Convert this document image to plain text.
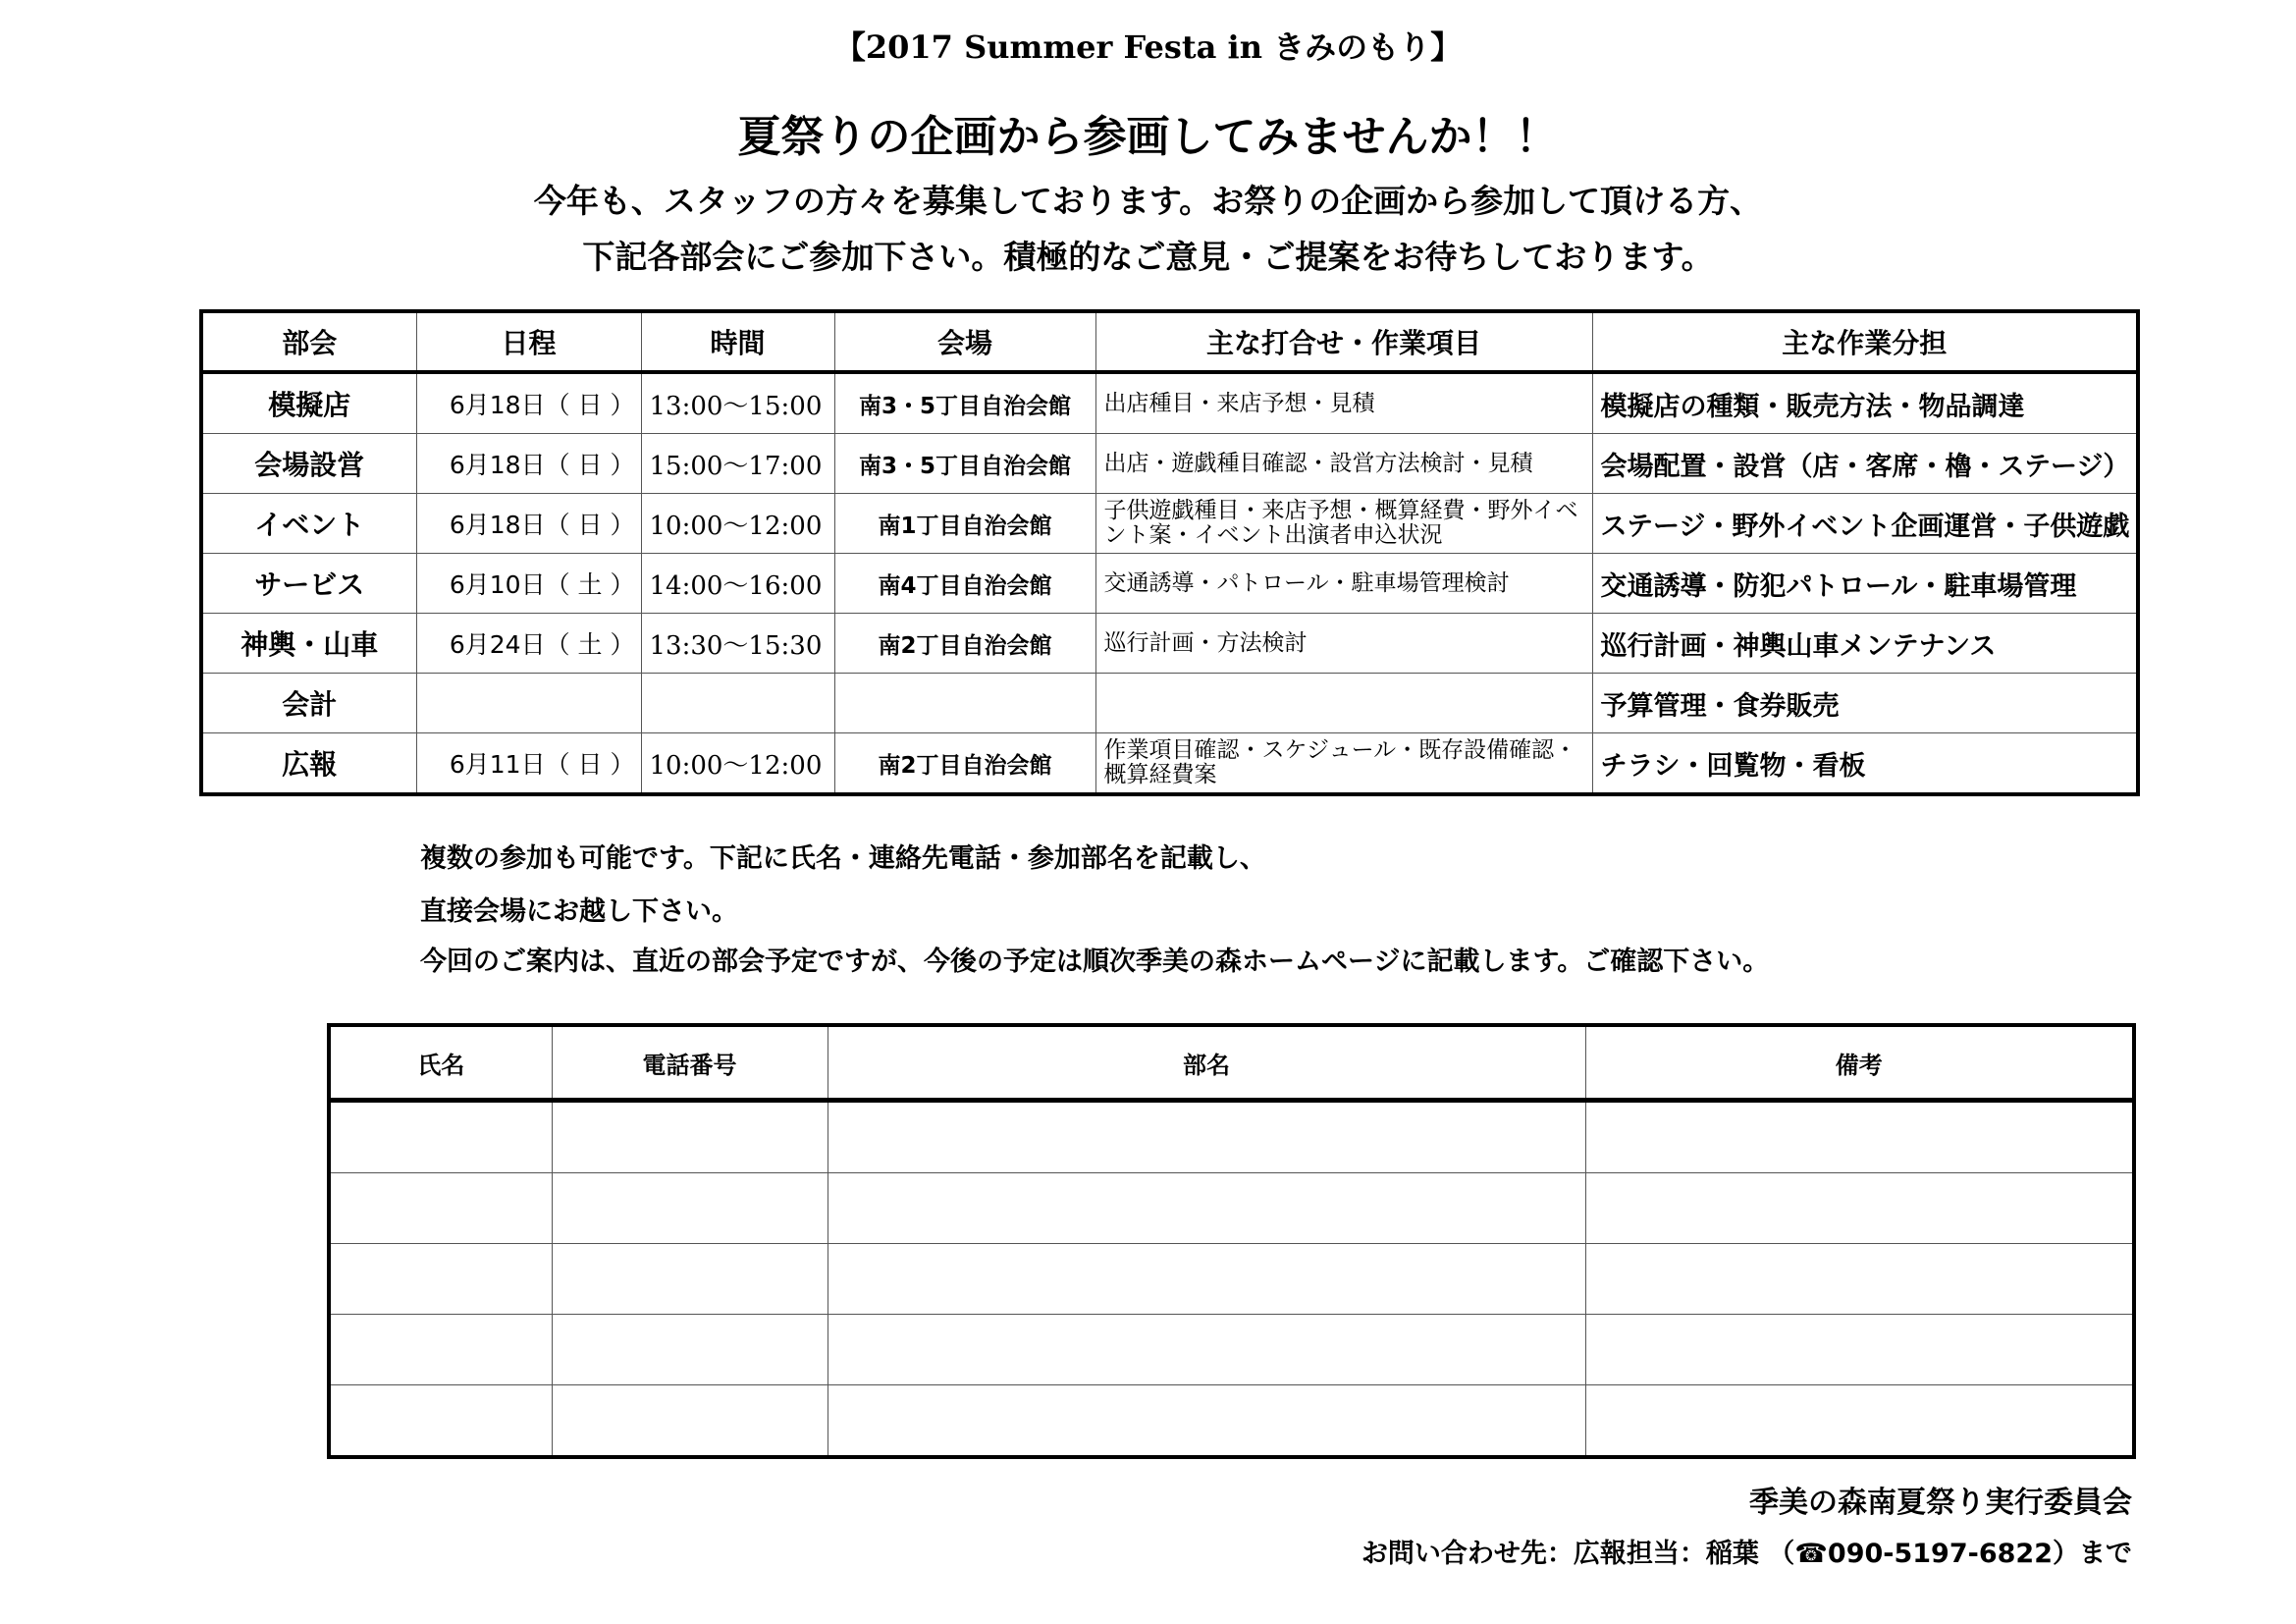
【2017 Summer Festa in きみのもり】
夏祭りの企画から参画してみませんか！！
今年も、スタッフの方々を募集しております。お祭りの企画から参加して頂ける方、
下記各部会にご参加下さい。積極的なご意見・ご提案をお待ちしております。
部会	日程	時間	会場	主な打合せ・作業項目	主な作業分担
模擬店	6月18日（ 日 ）	13:00～15:00	南3・5丁目自治会館	出店種目・来店予想・見積	模擬店の種類・販売方法・物品調達
会場設営	6月18日（ 日 ）	15:00～17:00	南3・5丁目自治会館	出店・遊戯種目確認・設営方法検討・見積	会場配置・設営（店・客席・櫓・ステージ）
イベント	6月18日（ 日 ）	10:00～12:00	南1丁目自治会館	子供遊戯種目・来店予想・概算経費・野外イベント案・イベント出演者申込状況	ステージ・野外イベント企画運営・子供遊戯
サービス	6月10日（ 土 ）	14:00～16:00	南4丁目自治会館	交通誘導・パトロール・駐車場管理検討	交通誘導・防犯パトロール・駐車場管理
神輿・山車	6月24日（ 土 ）	13:30～15:30	南2丁目自治会館	巡行計画・方法検討	巡行計画・神輿山車メンテナンス
会計					予算管理・食券販売
広報	6月11日（ 日 ）	10:00～12:00	南2丁目自治会館	作業項目確認・スケジュール・既存設備確認・概算経費案	チラシ・回覧物・看板
複数の参加も可能です。下記に氏名・連絡先電話・参加部名を記載し、
直接会場にお越し下さい。
今回のご案内は、直近の部会予定ですが、今後の予定は順次季美の森ホームページに記載します。ご確認下さい。
氏名	電話番号	部名	備考

季美の森南夏祭り実行委員会
お問い合わせ先：広報担当：稲葉 （☎090-5197-6822）まで
